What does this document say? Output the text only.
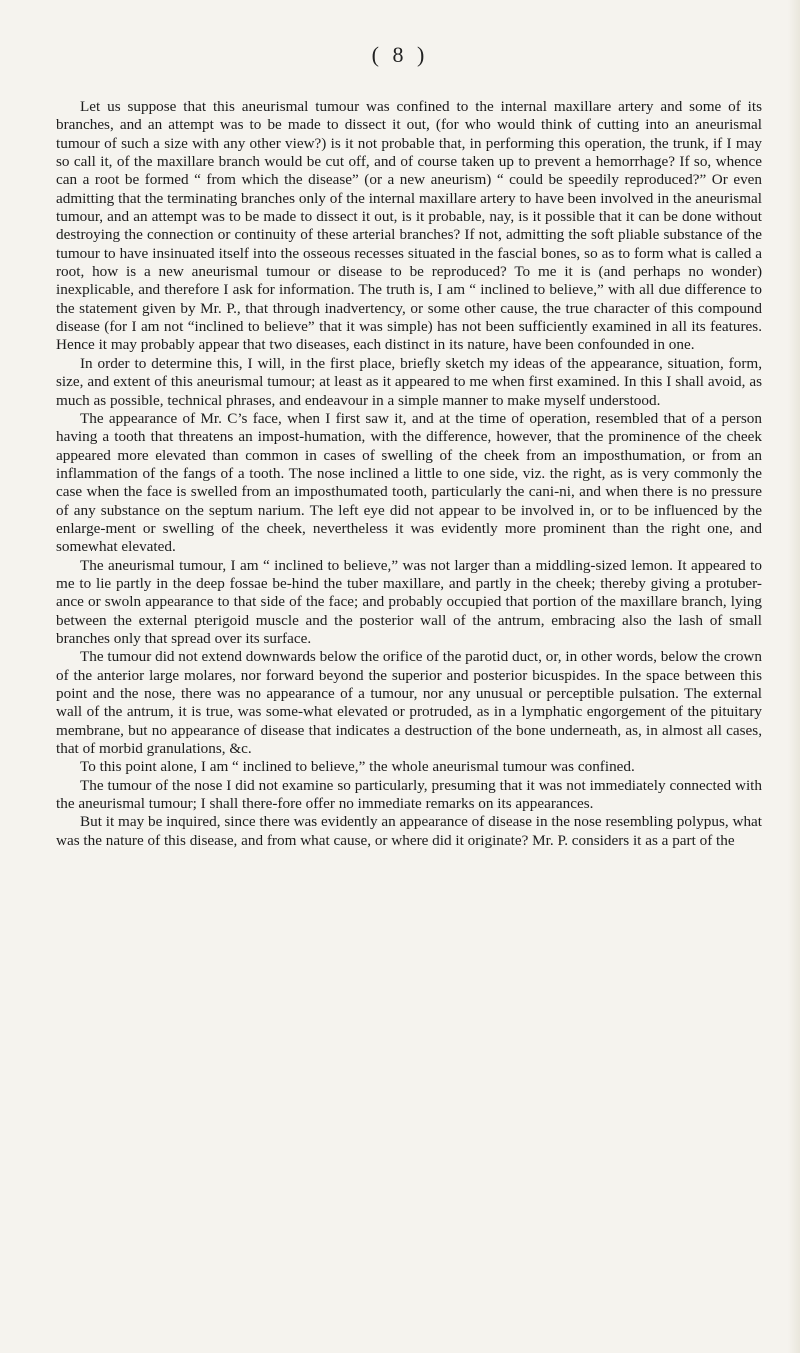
( 8 )

Let us suppose that this aneurismal tumour was confined to the internal maxillare artery and some of its branches, and an attempt was to be made to dissect it out, (for who would think of cutting into an aneurismal tumour of such a size with any other view?) is it not probable that, in performing this operation, the trunk, if I may so call it, of the maxillare branch would be cut off, and of course taken up to prevent a hemorrhage? If so, whence can a root be formed “ from which the disease” (or a new aneurism) “ could be speedily reproduced?” Or even admitting that the terminating branches only of the internal maxillare artery to have been involved in the aneurismal tumour, and an attempt was to be made to dissect it out, is it probable, nay, is it possible that it can be done without destroying the connection or continuity of these arterial branches? If not, admitting the soft pliable substance of the tumour to have insinuated itself into the osseous recesses situated in the fascial bones, so as to form what is called a root, how is a new aneurismal tumour or disease to be reproduced? To me it is (and perhaps no wonder) inexplicable, and therefore I ask for information. The truth is, I am “ inclined to believe,” with all due difference to the statement given by Mr. P., that through inadvertency, or some other cause, the true character of this compound disease (for I am not “inclined to believe” that it was simple) has not been sufficiently examined in all its features. Hence it may probably appear that two diseases, each distinct in its nature, have been confounded in one.

In order to determine this, I will, in the first place, briefly sketch my ideas of the appearance, situation, form, size, and extent of this aneurismal tumour; at least as it appeared to me when first examined. In this I shall avoid, as much as possible, technical phrases, and endeavour in a simple manner to make myself understood.

The appearance of Mr. C’s face, when I first saw it, and at the time of operation, resembled that of a person having a tooth that threatens an impost-humation, with the difference, however, that the prominence of the cheek appeared more elevated than common in cases of swelling of the cheek from an imposthumation, or from an inflammation of the fangs of a tooth. The nose inclined a little to one side, viz. the right, as is very commonly the case when the face is swelled from an imposthumated tooth, particularly the cani-ni, and when there is no pressure of any substance on the septum narium. The left eye did not appear to be involved in, or to be influenced by the enlarge-ment or swelling of the cheek, nevertheless it was evidently more prominent than the right one, and somewhat elevated.

The aneurismal tumour, I am “ inclined to believe,” was not larger than a middling-sized lemon. It appeared to me to lie partly in the deep fossae be-hind the tuber maxillare, and partly in the cheek; thereby giving a protuber-ance or swoln appearance to that side of the face; and probably occupied that portion of the maxillare branch, lying between the external pterigoid muscle and the posterior wall of the antrum, embracing also the lash of small branches only that spread over its surface.

The tumour did not extend downwards below the orifice of the parotid duct, or, in other words, below the crown of the anterior large molares, nor forward beyond the superior and posterior bicuspides. In the space between this point and the nose, there was no appearance of a tumour, nor any unusual or perceptible pulsation. The external wall of the antrum, it is true, was some-what elevated or protruded, as in a lymphatic engorgement of the pituitary membrane, but no appearance of disease that indicates a destruction of the bone underneath, as, in almost all cases, that of morbid granulations, &c.

To this point alone, I am “ inclined to believe,” the whole aneurismal tumour was confined.

The tumour of the nose I did not examine so particularly, presuming that it was not immediately connected with the aneurismal tumour; I shall there-fore offer no immediate remarks on its appearances.

But it may be inquired, since there was evidently an appearance of disease in the nose resembling polypus, what was the nature of this disease, and from what cause, or where did it originate? Mr. P. considers it as a part of the
